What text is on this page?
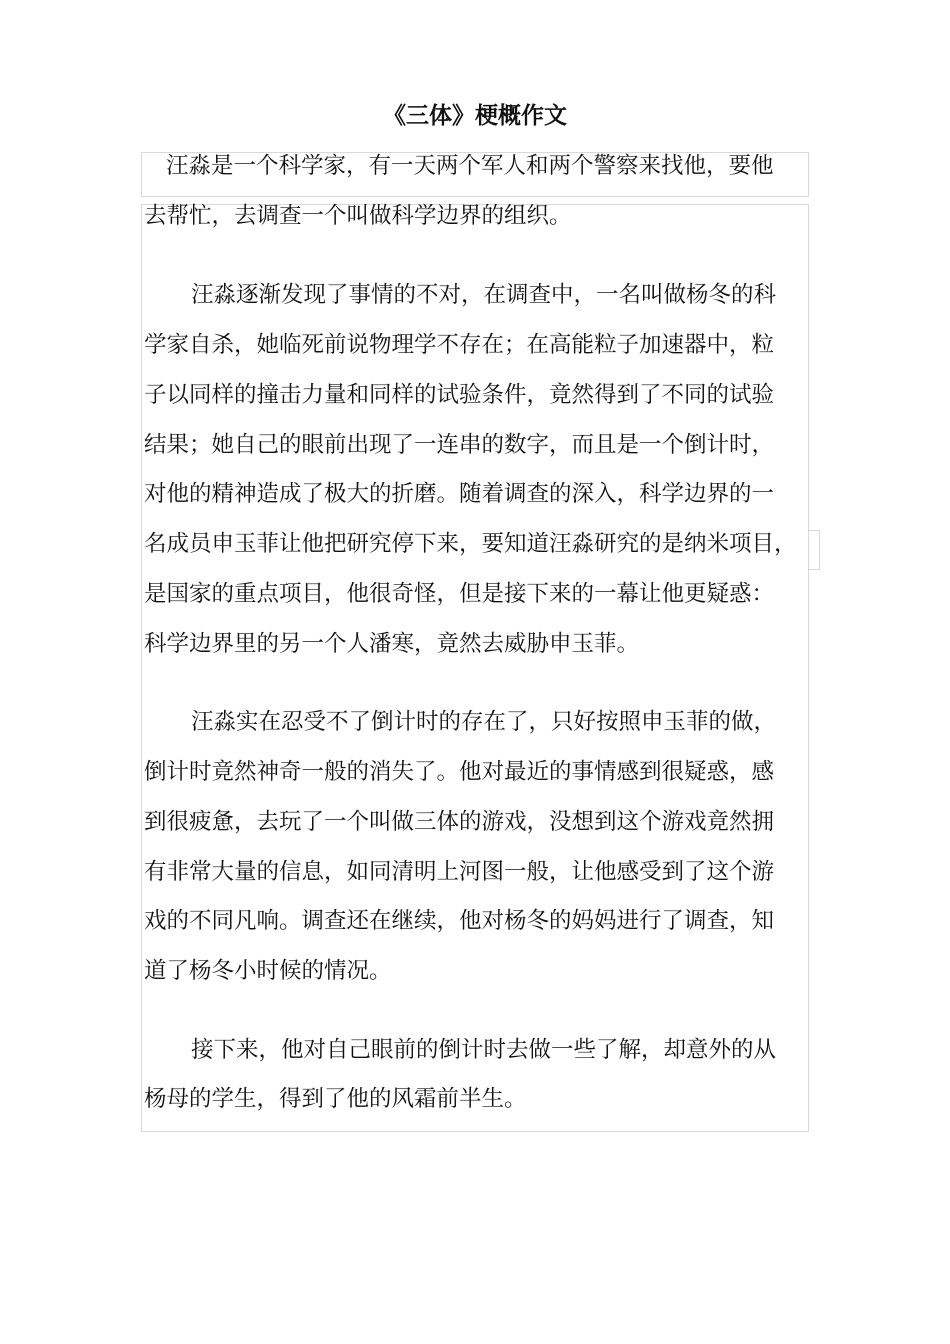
《三体》梗概作文
汪淼是一个科学家，有一天两个军人和两个警察来找他，要他
去帮忙，去调查一个叫做科学边界的组织。
汪淼逐渐发现了事情的不对，在调查中，一名叫做杨冬的科
学家自杀，她临死前说物理学不存在；在高能粒子加速器中，粒
子以同样的撞击力量和同样的试验条件，竟然得到了不同的试验
结果；她自己的眼前出现了一连串的数字，而且是一个倒计时，
对他的精神造成了极大的折磨。随着调查的深入，科学边界的一
名成员申玉菲让他把研究停下来，要知道汪淼研究的是纳米项目，
是国家的重点项目，他很奇怪，但是接下来的一幕让他更疑惑：
科学边界里的另一个人潘寒，竟然去威胁申玉菲。
汪淼实在忍受不了倒计时的存在了，只好按照申玉菲的做，
倒计时竟然神奇一般的消失了。他对最近的事情感到很疑惑，感
到很疲惫，去玩了一个叫做三体的游戏，没想到这个游戏竟然拥
有非常大量的信息，如同清明上河图一般，让他感受到了这个游
戏的不同凡响。调查还在继续，他对杨冬的妈妈进行了调查，知
道了杨冬小时候的情况。
接下来，他对自己眼前的倒计时去做一些了解，却意外的从
杨母的学生，得到了他的风霜前半生。
